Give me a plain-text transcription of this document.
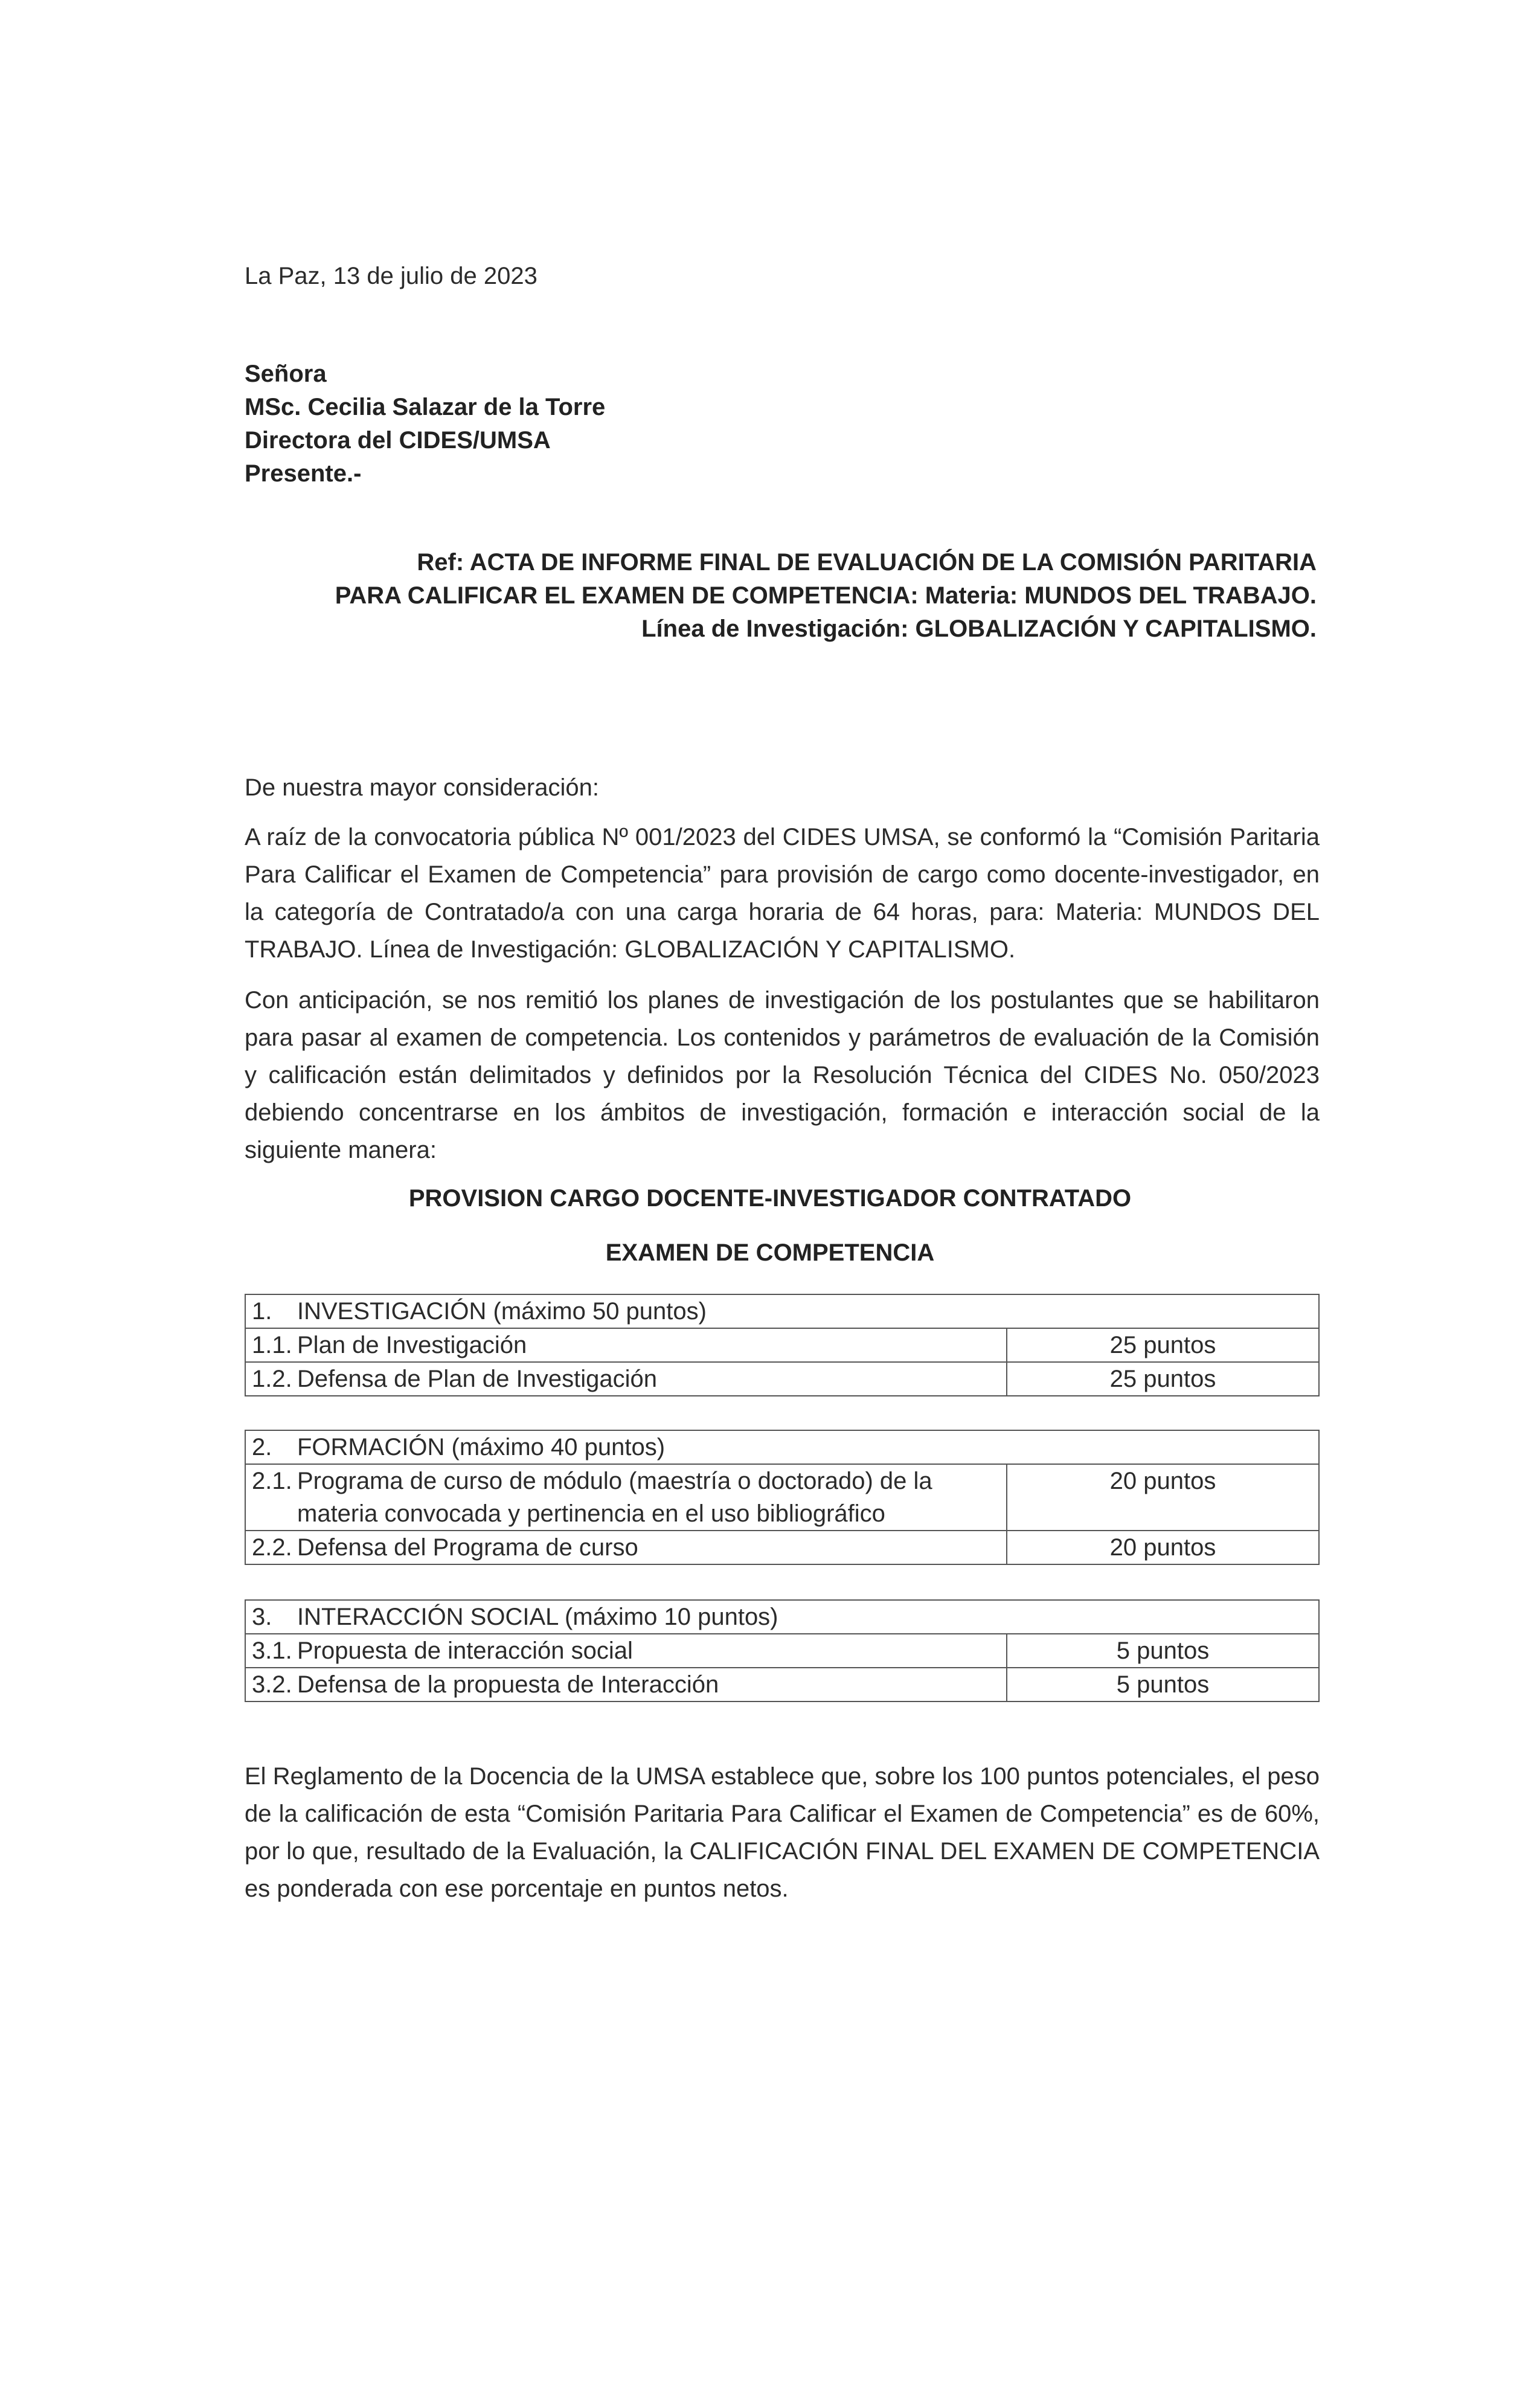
La Paz, 13 de julio de 2023
Señora
MSc. Cecilia Salazar de la Torre
Directora del CIDES/UMSA
Presente.-
Ref: ACTA DE INFORME FINAL DE EVALUACIÓN DE LA COMISIÓN PARITARIA
PARA CALIFICAR EL EXAMEN DE COMPETENCIA: Materia: MUNDOS DEL TRABAJO.
Línea de Investigación: GLOBALIZACIÓN Y CAPITALISMO.
De nuestra mayor consideración:
A raíz de la convocatoria pública Nº 001/2023 del CIDES UMSA, se conformó la “Comisión Paritaria Para Calificar el Examen de Competencia” para provisión de cargo como docente-investigador, en la categoría de Contratado/a con una carga horaria de 64 horas, para: Materia: MUNDOS DEL TRABAJO. Línea de Investigación: GLOBALIZACIÓN Y CAPITALISMO.
Con anticipación, se nos remitió los planes de investigación de los postulantes que se habilitaron para pasar al examen de competencia. Los contenidos y parámetros de evaluación de la Comisión y calificación están delimitados y definidos por la Resolución Técnica del CIDES No. 050/2023 debiendo concentrarse en los ámbitos de investigación, formación e interacción social de la siguiente manera:
PROVISION CARGO DOCENTE-INVESTIGADOR CONTRATADO
EXAMEN DE COMPETENCIA
1. INVESTIGACIÓN (máximo 50 puntos)	
1.1. Plan de Investigación	25 puntos
1.2. Defensa de Plan de Investigación	25 puntos
2. FORMACIÓN (máximo 40 puntos)	
2.1. Programa de curso de módulo (maestría o doctorado) de la materia convocada y pertinencia en el uso bibliográfico	20 puntos
2.2. Defensa del Programa de curso	20 puntos
3. INTERACCIÓN SOCIAL (máximo 10 puntos)	
3.1. Propuesta de interacción social	5 puntos
3.2. Defensa de la propuesta de Interacción	5 puntos
El Reglamento de la Docencia de la UMSA establece que, sobre los 100 puntos potenciales, el peso de la calificación de esta “Comisión Paritaria Para Calificar el Examen de Competencia” es de 60%, por lo que, resultado de la Evaluación, la CALIFICACIÓN FINAL DEL EXAMEN DE COMPETENCIA es ponderada con ese porcentaje en puntos netos.
